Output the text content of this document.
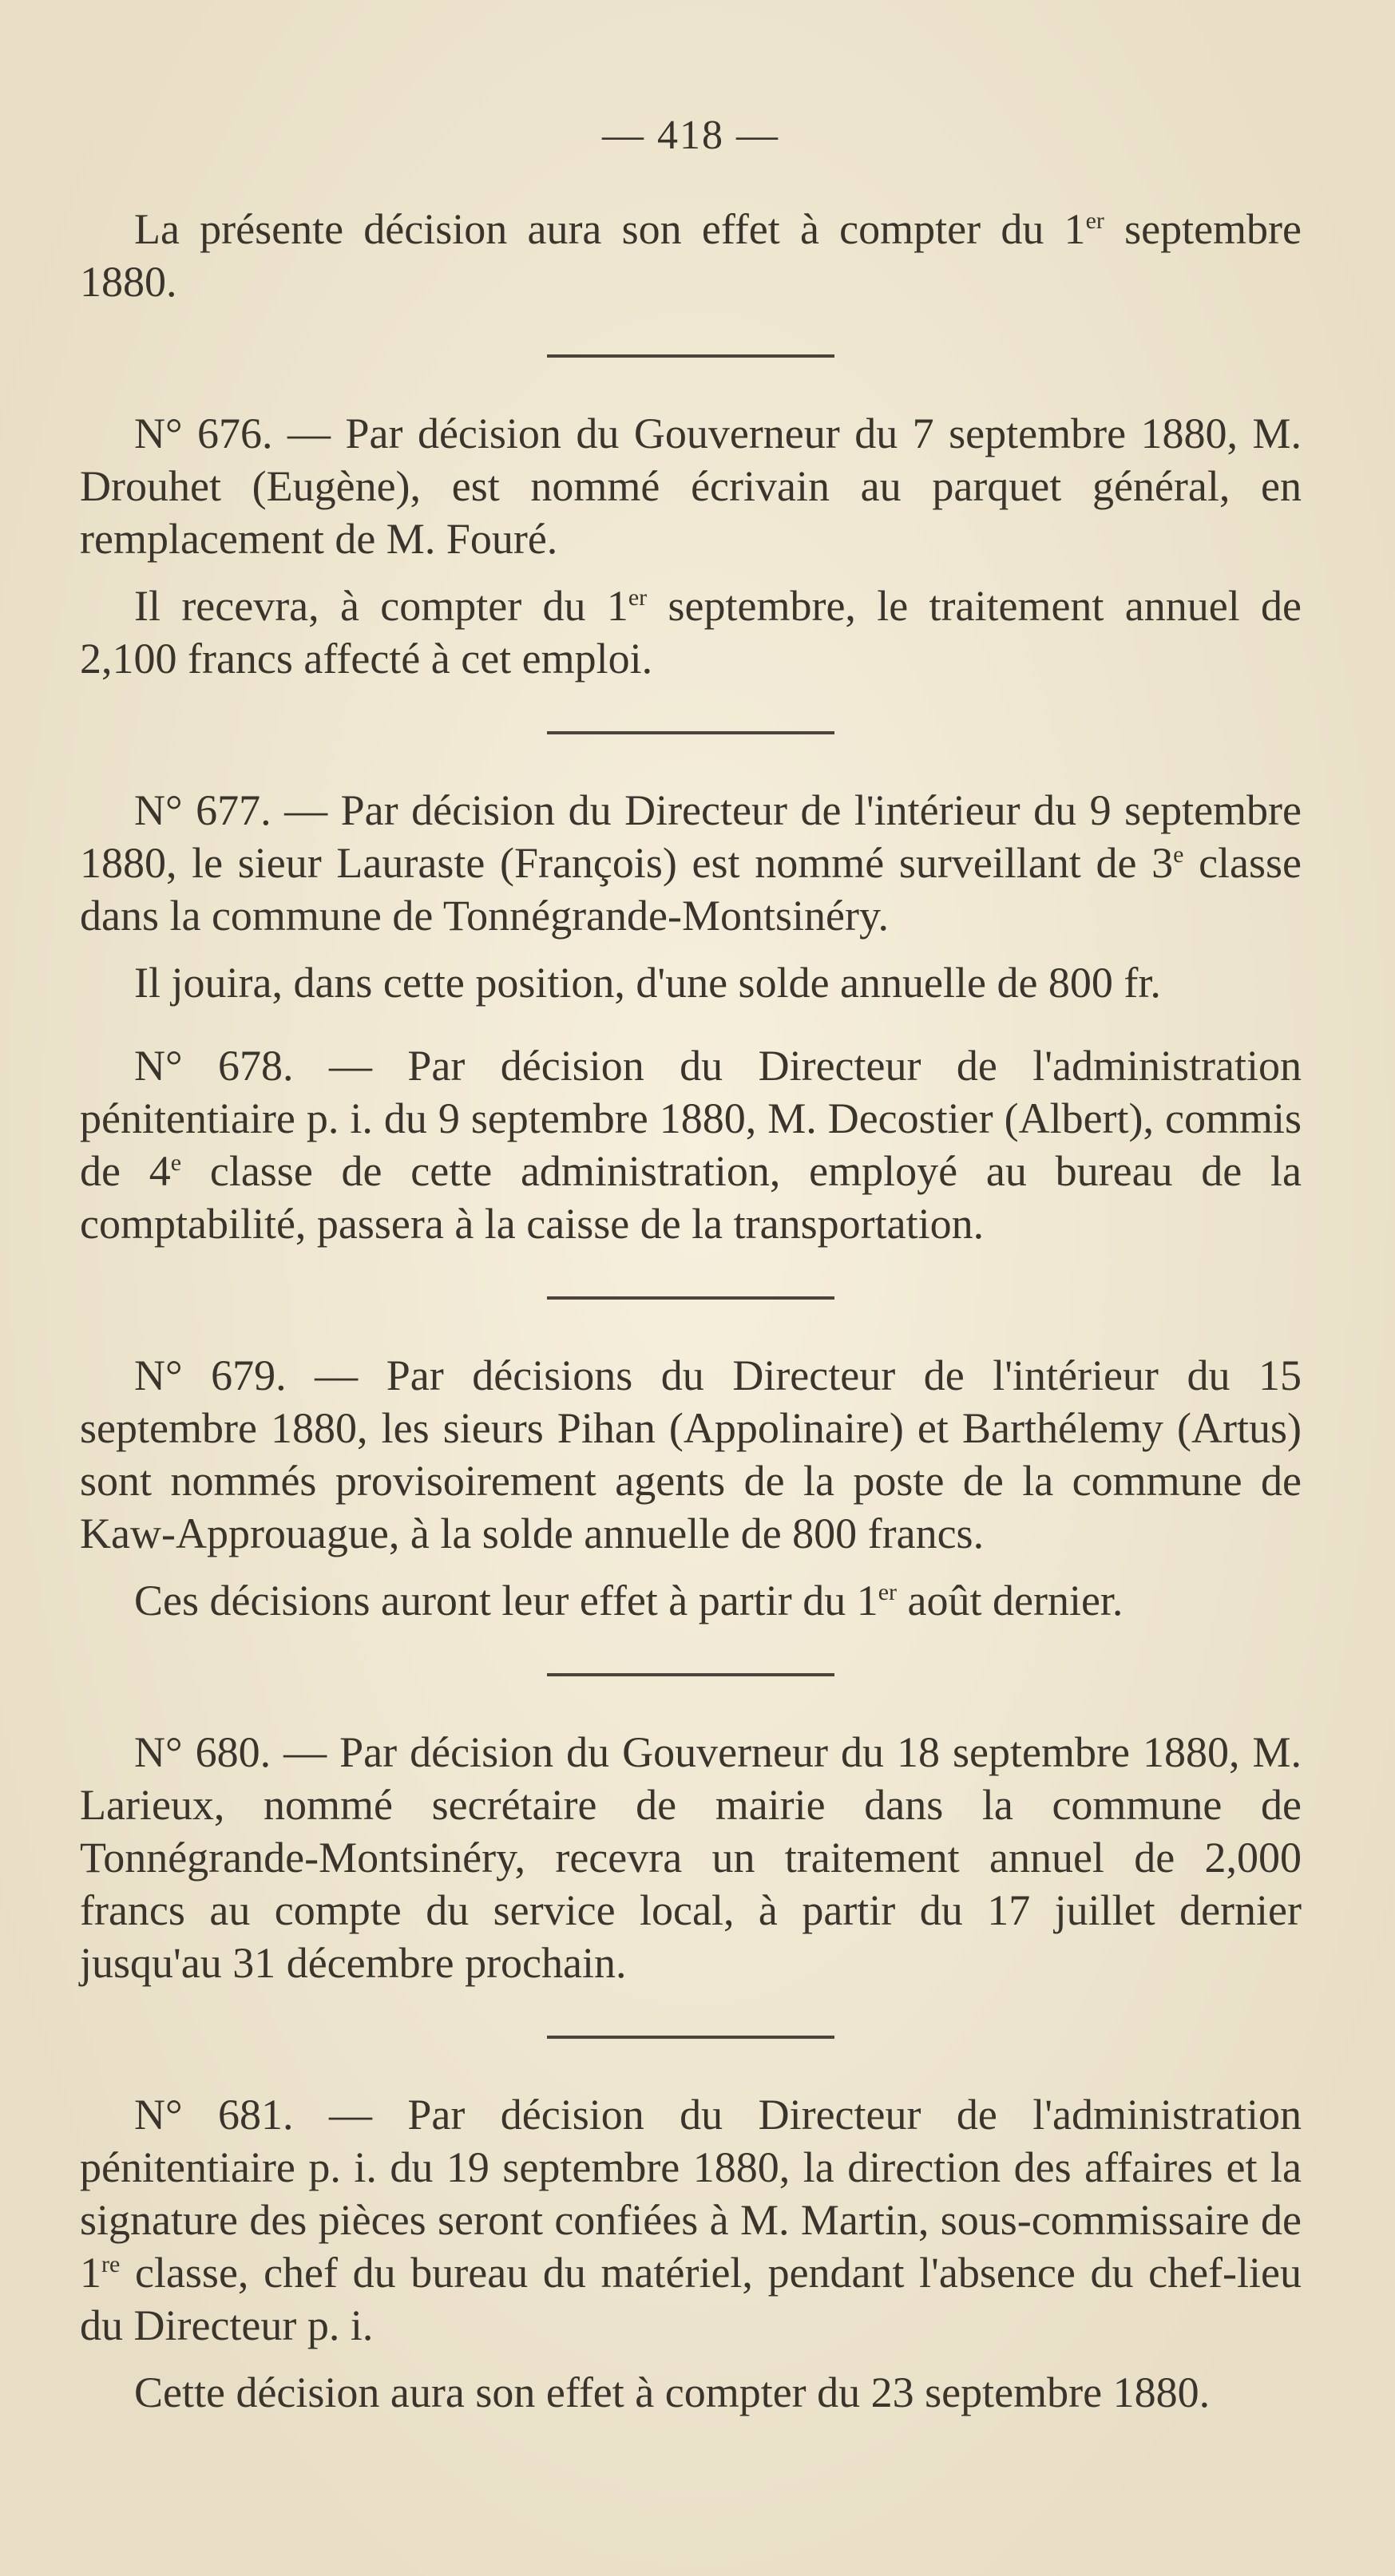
— 418 —

La présente décision aura son effet à compter du 1er septembre 1880.

N° 676. — Par décision du Gouverneur du 7 septembre 1880, M. Drouhet (Eugène), est nommé écrivain au parquet général, en remplacement de M. Fouré.

Il recevra, à compter du 1er septembre, le traitement annuel de 2,100 francs affecté à cet emploi.

N° 677. — Par décision du Directeur de l'intérieur du 9 septembre 1880, le sieur Lauraste (François) est nommé surveillant de 3e classe dans la commune de Tonnégrande-Montsinéry.

Il jouira, dans cette position, d'une solde annuelle de 800 fr.

N° 678. — Par décision du Directeur de l'administration pénitentiaire p. i. du 9 septembre 1880, M. Decostier (Albert), commis de 4e classe de cette administration, employé au bureau de la comptabilité, passera à la caisse de la transportation.

N° 679. — Par décisions du Directeur de l'intérieur du 15 septembre 1880, les sieurs Pihan (Appolinaire) et Barthélemy (Artus) sont nommés provisoirement agents de la poste de la commune de Kaw-Approuague, à la solde annuelle de 800 francs.

Ces décisions auront leur effet à partir du 1er août dernier.

N° 680. — Par décision du Gouverneur du 18 septembre 1880, M. Larieux, nommé secrétaire de mairie dans la commune de Tonnégrande-Montsinéry, recevra un traitement annuel de 2,000 francs au compte du service local, à partir du 17 juillet dernier jusqu'au 31 décembre prochain.

N° 681. — Par décision du Directeur de l'administration pénitentiaire p. i. du 19 septembre 1880, la direction des affaires et la signature des pièces seront confiées à M. Martin, sous-commissaire de 1re classe, chef du bureau du matériel, pendant l'absence du chef-lieu du Directeur p. i.

Cette décision aura son effet à compter du 23 septembre 1880.
